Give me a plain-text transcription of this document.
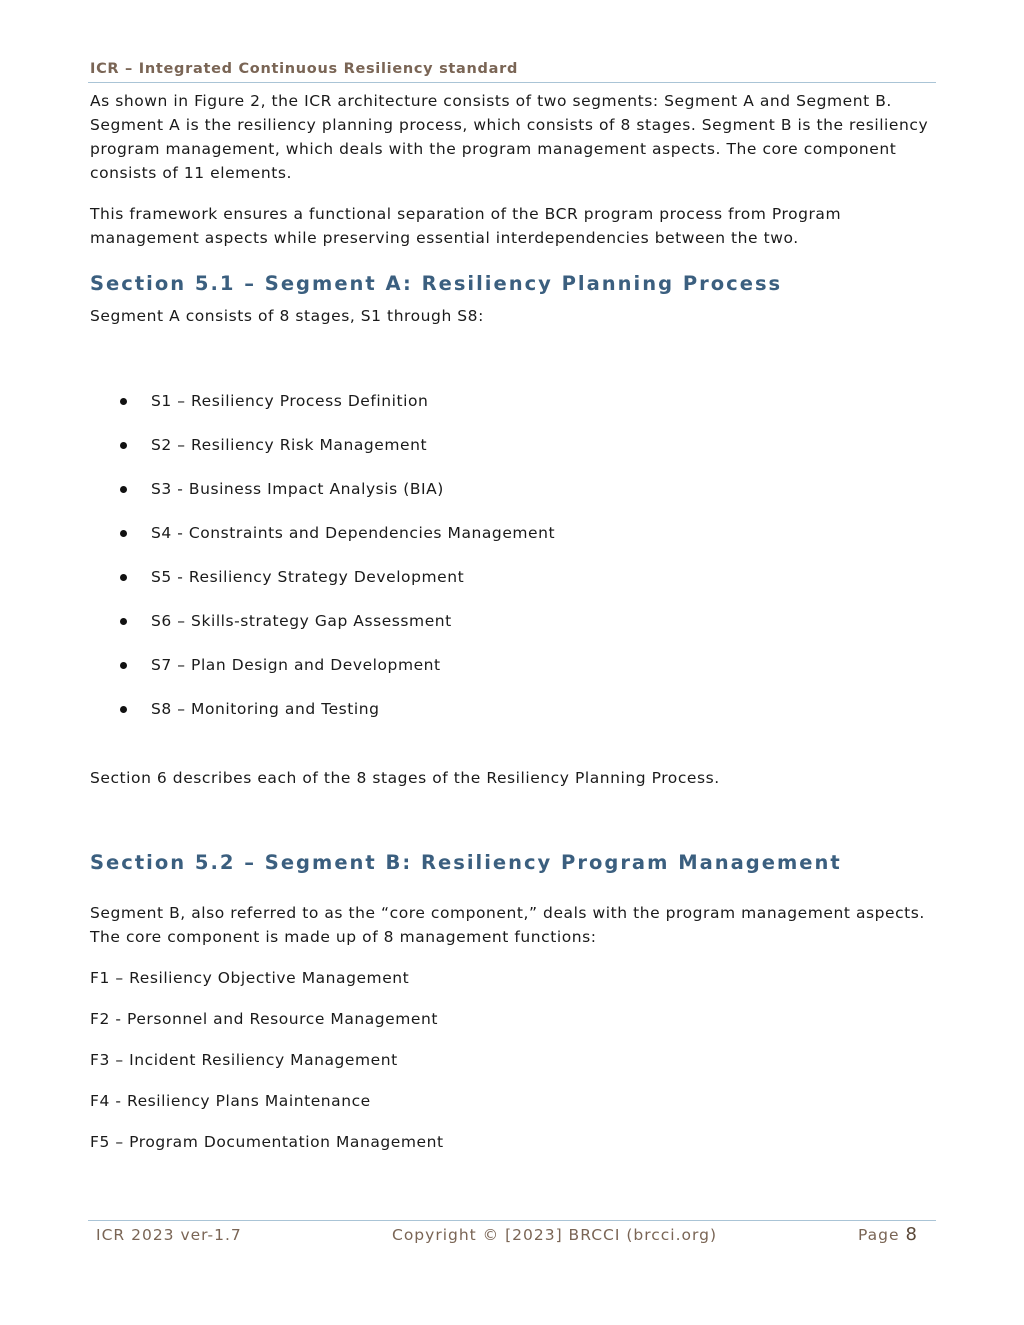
ICR – Integrated Continuous Resiliency standard

As shown in Figure 2, the ICR architecture consists of two segments: Segment A and Segment B. Segment A is the resiliency planning process, which consists of 8 stages. Segment B is the resiliency program management, which deals with the program management aspects. The core component consists of 11 elements.

This framework ensures a functional separation of the BCR program process from Program management aspects while preserving essential interdependencies between the two.

Section 5.1 – Segment A: Resiliency Planning Process

Segment A consists of 8 stages, S1 through S8:

S1 – Resiliency Process Definition
S2 – Resiliency Risk Management
S3 - Business Impact Analysis (BIA)
S4 - Constraints and Dependencies Management
S5 - Resiliency Strategy Development
S6 – Skills-strategy Gap Assessment
S7 – Plan Design and Development
S8 – Monitoring and Testing

Section 6 describes each of the 8 stages of the Resiliency Planning Process.

Section 5.2 – Segment B: Resiliency Program Management

Segment B, also referred to as the “core component,” deals with the program management aspects. The core component is made up of 8 management functions:

F1 – Resiliency Objective Management

F2 - Personnel and Resource Management

F3 – Incident Resiliency Management

F4 - Resiliency Plans Maintenance

F5 – Program Documentation Management

ICR 2023 ver-1.7	Copyright © [2023] BRCCI (brcci.org)	Page 8
